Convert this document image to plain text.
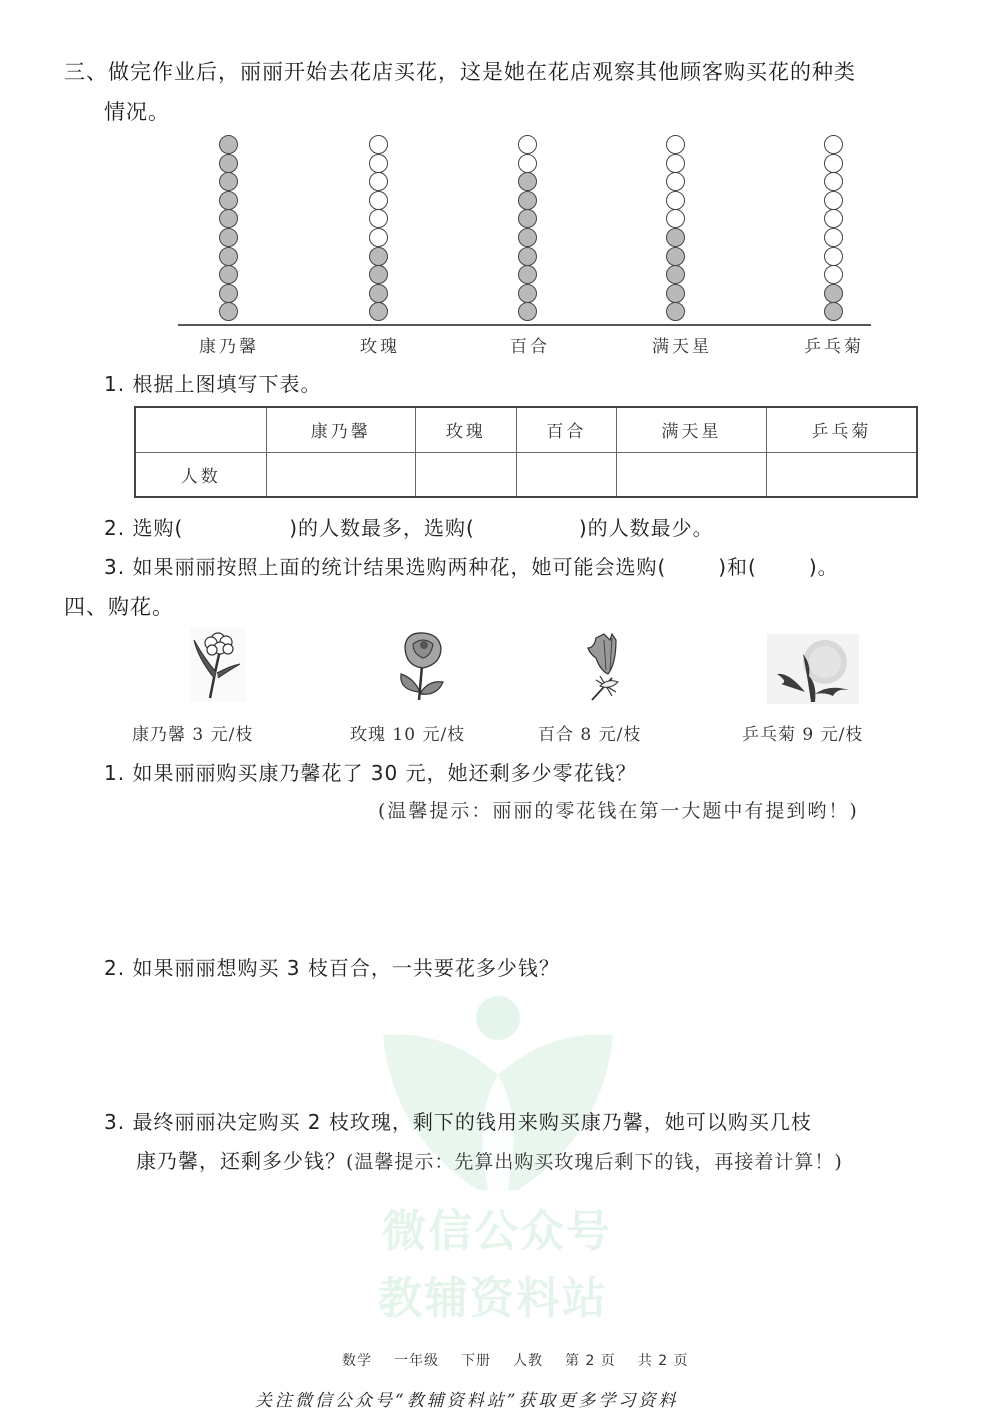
微信公众号
教辅资料站
三、做完作业后，丽丽开始去花店买花，这是她在花店观察其他顾客购买花的种类
情况。
康乃馨	玫瑰	百合	满天星	乒乓菊
1. 根据上图填写下表。
	康乃馨	玫瑰	百合	满天星	乒乓菊
人数					
2. 选购(	)的人数最多，选购(	)的人数最少。
3. 如果丽丽按照上面的统计结果选购两种花，她可能会选购(	)和(	)。
四、购花。
康乃馨 3 元/枝	玫瑰 10 元/枝	百合 8 元/枝	乒乓菊 9 元/枝
1. 如果丽丽购买康乃馨花了 30 元，她还剩多少零花钱？
(温馨提示：丽丽的零花钱在第一大题中有提到哟！)
2. 如果丽丽想购买 3 枝百合，一共要花多少钱？
3. 最终丽丽决定购买 2 枝玫瑰，剩下的钱用来购买康乃馨，她可以购买几枝
康乃馨，还剩多少钱？(温馨提示：先算出购买玫瑰后剩下的钱，再接着计算！)
数学 一年级 下册 人教 第 2 页 共 2 页
关注微信公众号“教辅资料站”获取更多学习资料
